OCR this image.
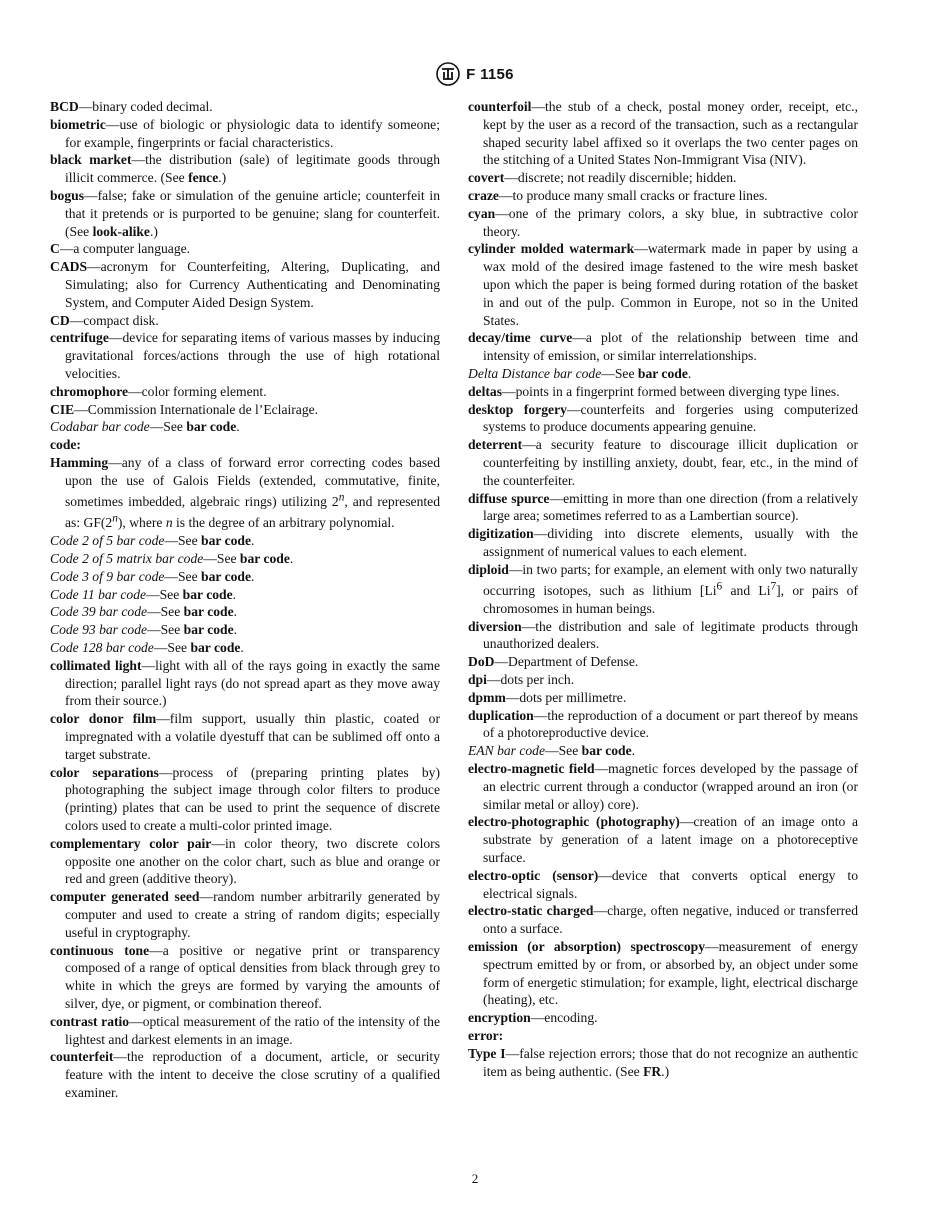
F 1156

BCD—binary coded decimal.

biometric—use of biologic or physiologic data to identify someone; for example, fingerprints or facial characteristics.

black market—the distribution (sale) of legitimate goods through illicit commerce. (See fence.)

bogus—false; fake or simulation of the genuine article; counterfeit in that it pretends or is purported to be genuine; slang for counterfeit. (See look-alike.)

C—a computer language.

CADS—acronym for Counterfeiting, Altering, Duplicating, and Simulating; also for Currency Authenticating and Denominating System, and Computer Aided Design System.

CD—compact disk.

centrifuge—device for separating items of various masses by inducing gravitational forces/actions through the use of high rotational velocities.

chromophore—color forming element.

CIE—Commission Internationale de l’Eclairage.

Codabar bar code—See bar code.

code:

Hamming—any of a class of forward error correcting codes based upon the use of Galois Fields (extended, commutative, finite, sometimes imbedded, algebraic rings) utilizing 2$^n$, and represented as: GF(2$^n$), where n is the degree of an arbitrary polynomial.

Code 2 of 5 bar code—See bar code.

Code 2 of 5 matrix bar code—See bar code.

Code 3 of 9 bar code—See bar code.

Code 11 bar code—See bar code.

Code 39 bar code—See bar code.

Code 93 bar code—See bar code.

Code 128 bar code—See bar code.

collimated light—light with all of the rays going in exactly the same direction; parallel light rays (do not spread apart as they move away from their source.)

color donor film—film support, usually thin plastic, coated or impregnated with a volatile dyestuff that can be sublimed off onto a target substrate.

color separations—process of (preparing printing plates by) photographing the subject image through color filters to produce (printing) plates that can be used to print the sequence of discrete colors used to create a multi-color printed image.

complementary color pair—in color theory, two discrete colors opposite one another on the color chart, such as blue and orange or red and green (additive theory).

computer generated seed—random number arbitrarily generated by computer and used to create a string of random digits; especially useful in cryptography.

continuous tone—a positive or negative print or transparency composed of a range of optical densities from black through grey to white in which the greys are formed by varying the amounts of silver, dye, or pigment, or combination thereof.

contrast ratio—optical measurement of the ratio of the intensity of the lightest and darkest elements in an image.

counterfeit—the reproduction of a document, article, or security feature with the intent to deceive the close scrutiny of a qualified examiner.

counterfoil—the stub of a check, postal money order, receipt, etc., kept by the user as a record of the transaction, such as a rectangular shaped security label affixed so it overlaps the two center pages on the stitching of a United States Non-Immigrant Visa (NIV).

covert—discrete; not readily discernible; hidden.

craze—to produce many small cracks or fracture lines.

cyan—one of the primary colors, a sky blue, in subtractive color theory.

cylinder molded watermark—watermark made in paper by using a wax mold of the desired image fastened to the wire mesh basket upon which the paper is being formed during rotation of the basket in and out of the pulp. Common in Europe, not so in the United States.

decay/time curve—a plot of the relationship between time and intensity of emission, or similar interrelationships.

Delta Distance bar code—See bar code.

deltas—points in a fingerprint formed between diverging type lines.

desktop forgery—counterfeits and forgeries using computerized systems to produce documents appearing genuine.

deterrent—a security feature to discourage illicit duplication or counterfeiting by instilling anxiety, doubt, fear, etc., in the mind of the counterfeiter.

diffuse spurce—emitting in more than one direction (from a relatively large area; sometimes referred to as a Lambertian source).

digitization—dividing into discrete elements, usually with the assignment of numerical values to each element.

diploid—in two parts; for example, an element with only two naturally occurring isotopes, such as lithium [Li$^6$ and Li$^7$], or pairs of chromosomes in human beings.

diversion—the distribution and sale of legitimate products through unauthorized dealers.

DoD—Department of Defense.

dpi—dots per inch.

dpmm—dots per millimetre.

duplication—the reproduction of a document or part thereof by means of a photoreproductive device.

EAN bar code—See bar code.

electro-magnetic field—magnetic forces developed by the passage of an electric current through a conductor (wrapped around an iron (or similar metal or alloy) core).

electro-photographic (photography)—creation of an image onto a substrate by generation of a latent image on a photoreceptive surface.

electro-optic (sensor)—device that converts optical energy to electrical signals.

electro-static charged—charge, often negative, induced or transferred onto a surface.

emission (or absorption) spectroscopy—measurement of energy spectrum emitted by or from, or absorbed by, an object under some form of energetic stimulation; for example, light, electrical discharge (heating), etc.

encryption—encoding.

error:

Type I—false rejection errors; those that do not recognize an authentic item as being authentic. (See FR.)

2
